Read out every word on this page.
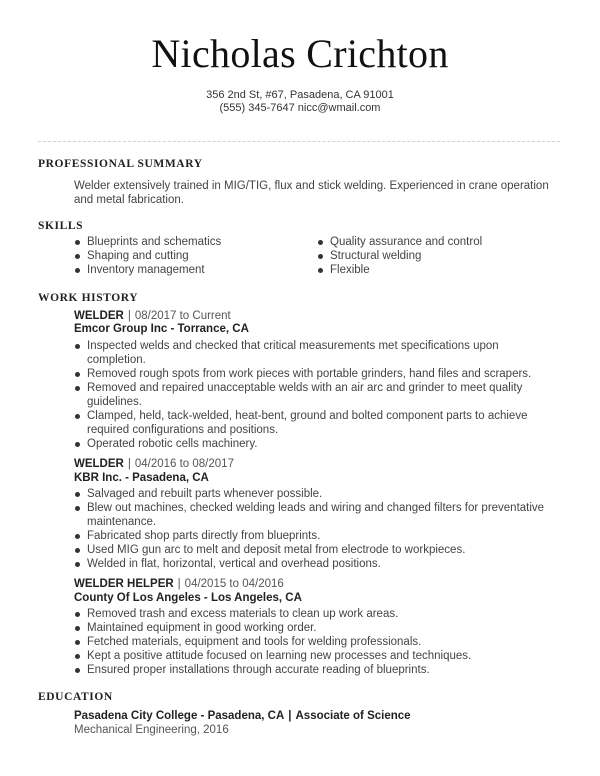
Nicholas Crichton
356 2nd St, #67, Pasadena, CA 91001
(555) 345-7647 nicc@wmail.com
PROFESSIONAL SUMMARY
Welder extensively trained in MIG/TIG, flux and stick welding. Experienced in crane operation and metal fabrication.
SKILLS
Blueprints and schematics
Shaping and cutting
Inventory management
Quality assurance and control
Structural welding
Flexible
WORK HISTORY
WELDER | 08/2017 to Current
Emcor Group Inc - Torrance, CA
Inspected welds and checked that critical measurements met specifications upon completion.
Removed rough spots from work pieces with portable grinders, hand files and scrapers.
Removed and repaired unacceptable welds with an air arc and grinder to meet quality guidelines.
Clamped, held, tack-welded, heat-bent, ground and bolted component parts to achieve required configurations and positions.
Operated robotic cells machinery.
WELDER | 04/2016 to 08/2017
KBR Inc. - Pasadena, CA
Salvaged and rebuilt parts whenever possible.
Blew out machines, checked welding leads and wiring and changed filters for preventative maintenance.
Fabricated shop parts directly from blueprints.
Used MIG gun arc to melt and deposit metal from electrode to workpieces.
Welded in flat, horizontal, vertical and overhead positions.
WELDER HELPER | 04/2015 to 04/2016
County Of Los Angeles - Los Angeles, CA
Removed trash and excess materials to clean up work areas.
Maintained equipment in good working order.
Fetched materials, equipment and tools for welding professionals.
Kept a positive attitude focused on learning new processes and techniques.
Ensured proper installations through accurate reading of blueprints.
EDUCATION
Pasadena City College - Pasadena, CA | Associate of Science
Mechanical Engineering, 2016
